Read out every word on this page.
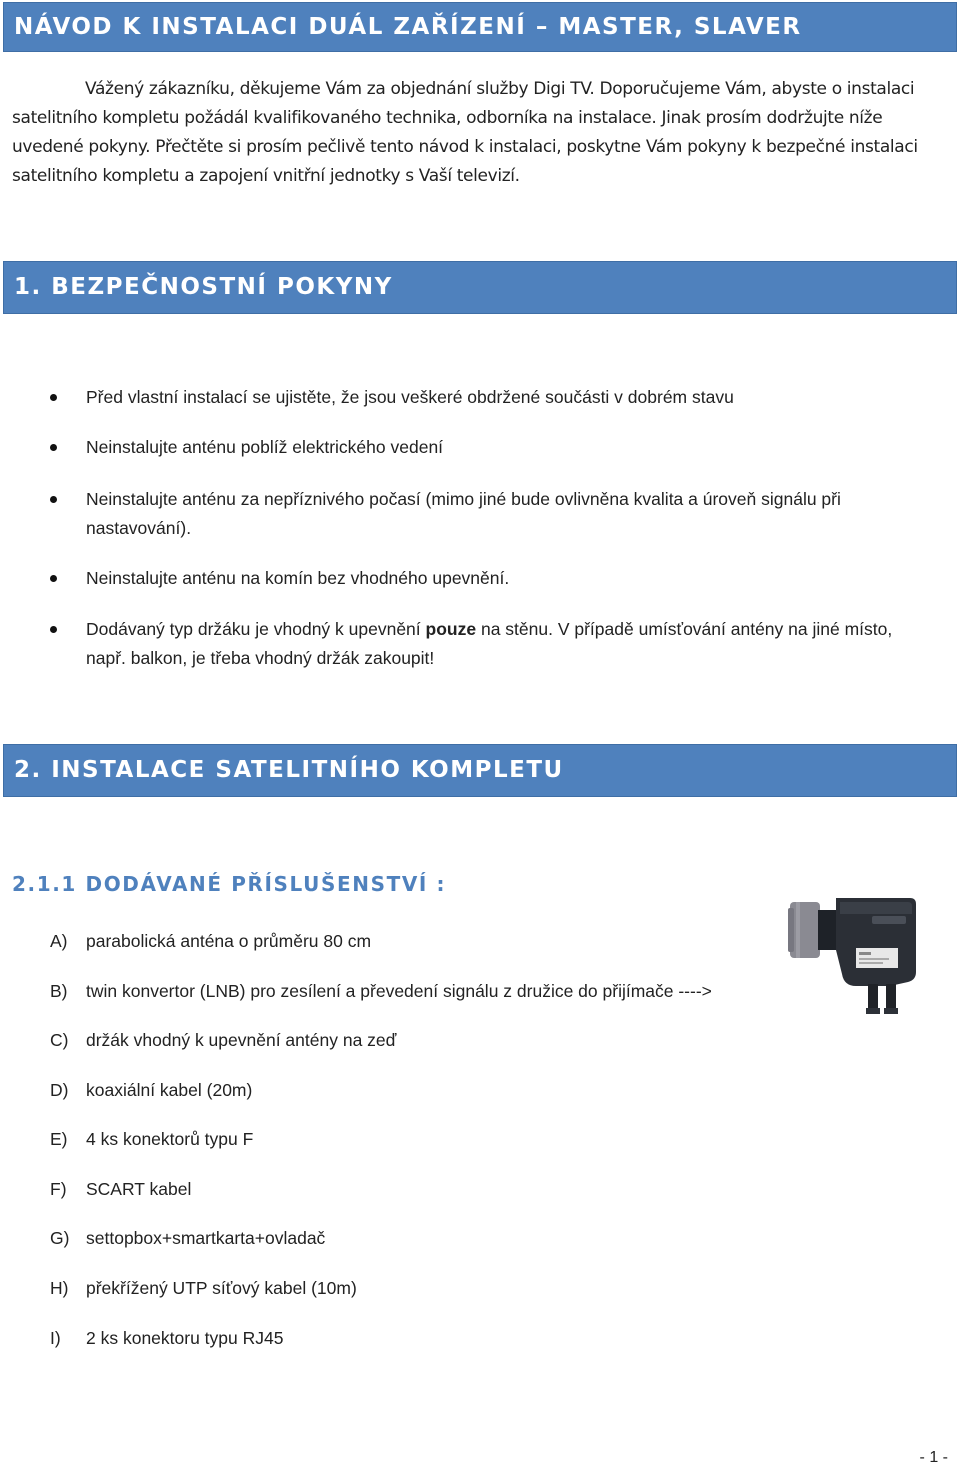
NÁVOD K INSTALACI DUÁL ZAŘÍZENÍ – MASTER, SLAVER
Vážený zákazníku, děkujeme Vám za objednání služby Digi TV. Doporučujeme Vám, abyste o instalaci
satelitního kompletu požádál kvalifikovaného technika, odborníka na instalace. Jinak prosím dodržujte níže
uvedené pokyny. Přečtěte si prosím pečlivě tento návod k instalaci, poskytne Vám pokyny k bezpečné instalaci
satelitního kompletu a zapojení vnitřní jednotky s Vaší televizí.
1. BEZPEČNOSTNÍ POKYNY
Před vlastní instalací se ujistěte, že jsou veškeré obdržené součásti v dobrém stavu
Neinstalujte anténu poblíž elektrického vedení
Neinstalujte anténu za nepříznivého počasí (mimo jiné bude ovlivněna kvalita a úroveň signálu při
nastavování).
Neinstalujte anténu na komín bez vhodného upevnění.
Dodávaný typ držáku je vhodný k upevnění pouze na stěnu. V případě umísťování antény na jiné místo,
např. balkon, je třeba vhodný držák zakoupit!
2. INSTALACE SATELITNÍHO KOMPLETU
2.1.1 DODÁVANÉ PŘÍSLUŠENSTVÍ :
A) parabolická anténa o průměru 80 cm
B) twin konvertor (LNB) pro zesílení a převedení signálu z družice do přijímače ---->
C) držák vhodný k upevnění antény na zeď
D) koaxiální kabel (20m)
E) 4 ks konektorů typu F
F) SCART kabel
G) settopbox+smartkarta+ovladač
H) překřížený UTP síťový kabel (10m)
I) 2 ks konektoru typu RJ45
- 1 -
